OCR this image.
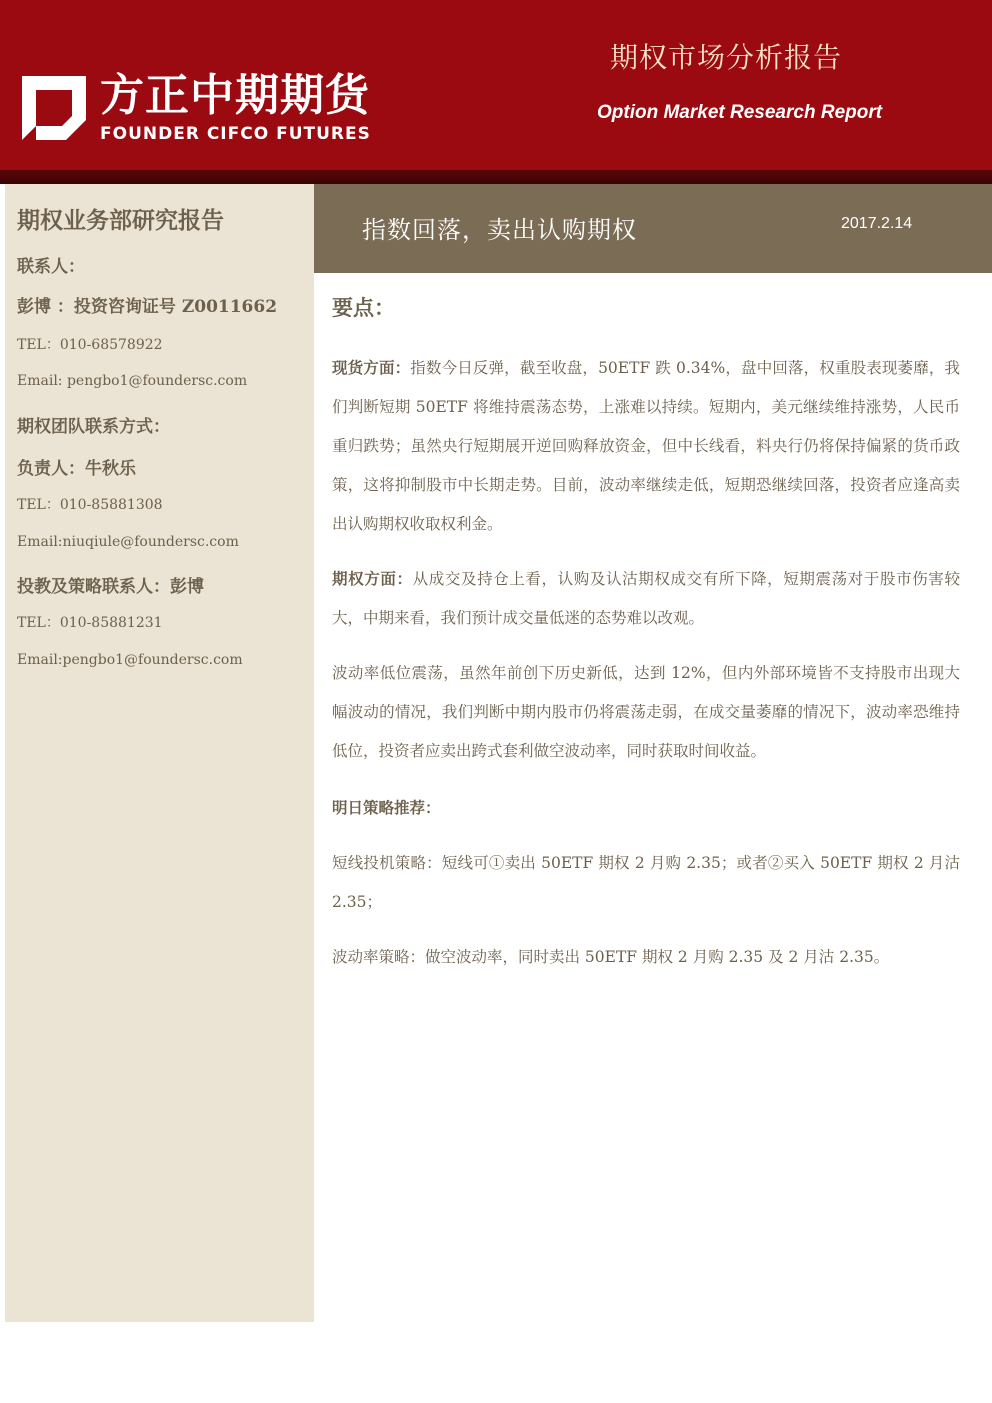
方正中期期货
FOUNDER CIFCO FUTURES
期权市场分析报告
Option Market Research Report
期权业务部研究报告
联系人：
彭博 ：投资咨询证号 Z0011662
TEL：010-68578922
Email: pengbo1@foundersc.com
期权团队联系方式：
负责人：牛秋乐
TEL：010-85881308
Email:niuqiule@foundersc.com
投教及策略联系人：彭博
TEL：010-85881231
Email:pengbo1@foundersc.com
指数回落，卖出认购期权	2017.2.14
要点：
现货方面：指数今日反弹，截至收盘，50ETF 跌 0.34%，盘中回落，权重股表现萎靡，我们判断短期 50ETF 将维持震荡态势，上涨难以持续。短期内，美元继续维持涨势，人民币重归跌势；虽然央行短期展开逆回购释放资金，但中长线看，料央行仍将保持偏紧的货币政策，这将抑制股市中长期走势。目前，波动率继续走低，短期恐继续回落，投资者应逢高卖出认购期权收取权利金。
期权方面：从成交及持仓上看，认购及认沽期权成交有所下降，短期震荡对于股市伤害较大，中期来看，我们预计成交量低迷的态势难以改观。
波动率低位震荡，虽然年前创下历史新低，达到 12%，但内外部环境皆不支持股市出现大幅波动的情况，我们判断中期内股市仍将震荡走弱，在成交量萎靡的情况下，波动率恐维持低位，投资者应卖出跨式套利做空波动率，同时获取时间收益。
明日策略推荐：
短线投机策略：短线可①卖出 50ETF 期权 2 月购 2.35；或者②买入 50ETF 期权 2 月沽 2.35；
波动率策略：做空波动率，同时卖出 50ETF 期权 2 月购 2.35 及 2 月沽 2.35。
